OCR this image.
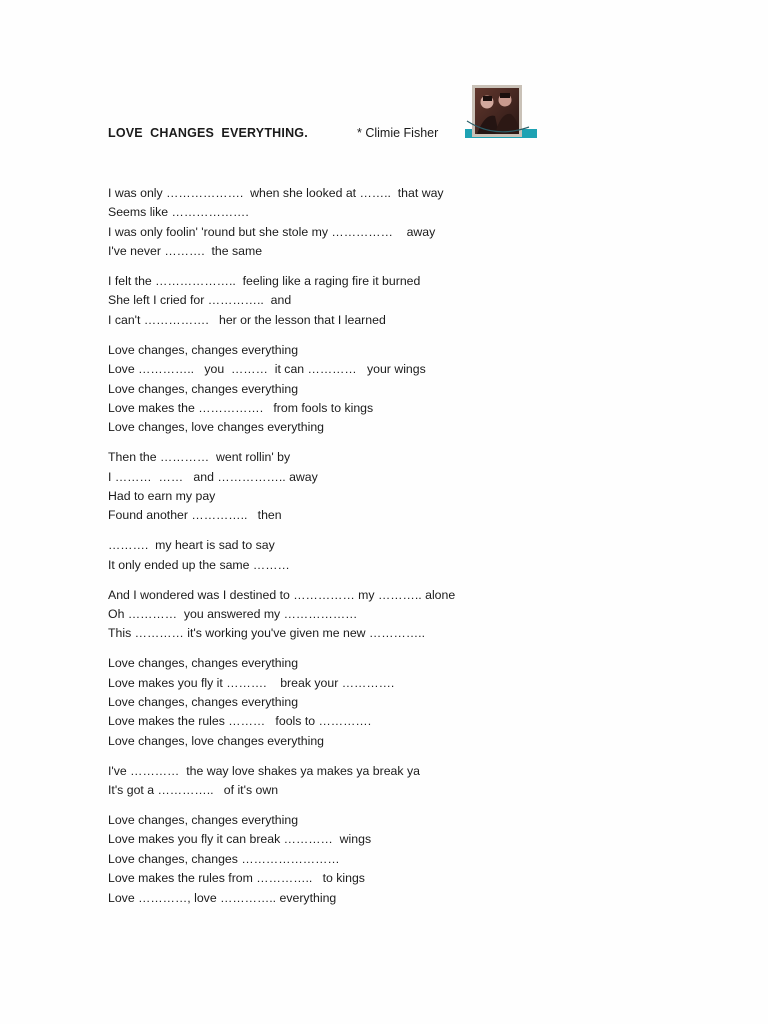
LOVE  CHANGES  EVERYTHING.	* Climie Fisher
I was only ……………….  when she looked at ……..  that way
Seems like ……………….
I was only foolin' 'round but she stole my ……………    away
I've never ……….  the same
I felt the ………………..  feeling like a raging fire it burned
She left I cried for …………..  and
I can't …………….   her or the lesson that I learned
Love changes, changes everything
Love …………..   you  ………  it can …………   your wings
Love changes, changes everything
Love makes the …………….   from fools to kings
Love changes, love changes everything
Then the …………  went rollin' by
I ………  ……   and …………….. away
Had to earn my pay
Found another …………..   then
……….  my heart is sad to say
It only ended up the same ………
And I wondered was I destined to …………… my ……….. alone
Oh …………  you answered my ………………
This ………… it's working you've given me new …………..
Love changes, changes everything
Love makes you fly it ……….    break your ………….
Love changes, changes everything
Love makes the rules ………   fools to ………….
Love changes, love changes everything
I've …………  the way love shakes ya makes ya break ya
It's got a …………..   of it's own
Love changes, changes everything
Love makes you fly it can break …………  wings
Love changes, changes ……………………
Love makes the rules from …………..   to kings
Love …………, love ………….. everything
